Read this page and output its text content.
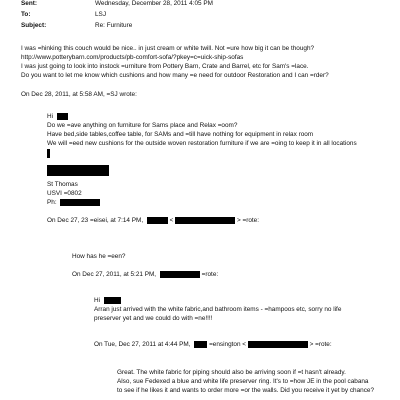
Sent:	Wednesday, December 28, 2011 4:05 PM
To:	LSJ
Subject:	Re: Furniture
I was =hinking this couch would be nice.. in just cream or white twill. Not =ure how big it can be though?
http://www.potterybarn.com/products/pb-comfort-sofa/?pkey=c=uick-ship-sofas
I was just going to look into instock =urniture from Pottery Barn, Crate and Barrel, etc for Sam's =lace.
Do you want to let me know which cushions and how many =e need for outdoor Restoration and I can =rder?
On Dec 28, 2011, at 5:58 AM, =SJ wrote:
Hi
Do we =ave anything on furniture for Sams place and Relax =oom?
Have bed,side tables,coffee table, for SAMs and =till have nothing for equipment in relax room
We will =eed new cushions for the outside woven restoration furniture if we are =oing to keep it in all locations
St Thomas
USVI =0802
Ph:
On Dec 27, 23 =eisei, at 7:14 PM,	<	> =rote:
How has he =een?
On Dec 27, 2011, at 5:21 PM,	=rote:
Hi
Arran just arrived with the white fabric,and bathroom items - =hampoos etc, sorry no life
preserver yet and we could do with =ne!!!!
On Tue, Dec 27, 2011 at 4:44 PM,	=ensington <	> =rote:
Great. The white fabric for piping should also be arriving soon if =t hasn't already.
Also, sue Fedexed a blue and white life preserver ring. It's to =how JE in the pool cabana
to see if he likes it and wants to order more =or the walls. Did you receive it yet by chance?
